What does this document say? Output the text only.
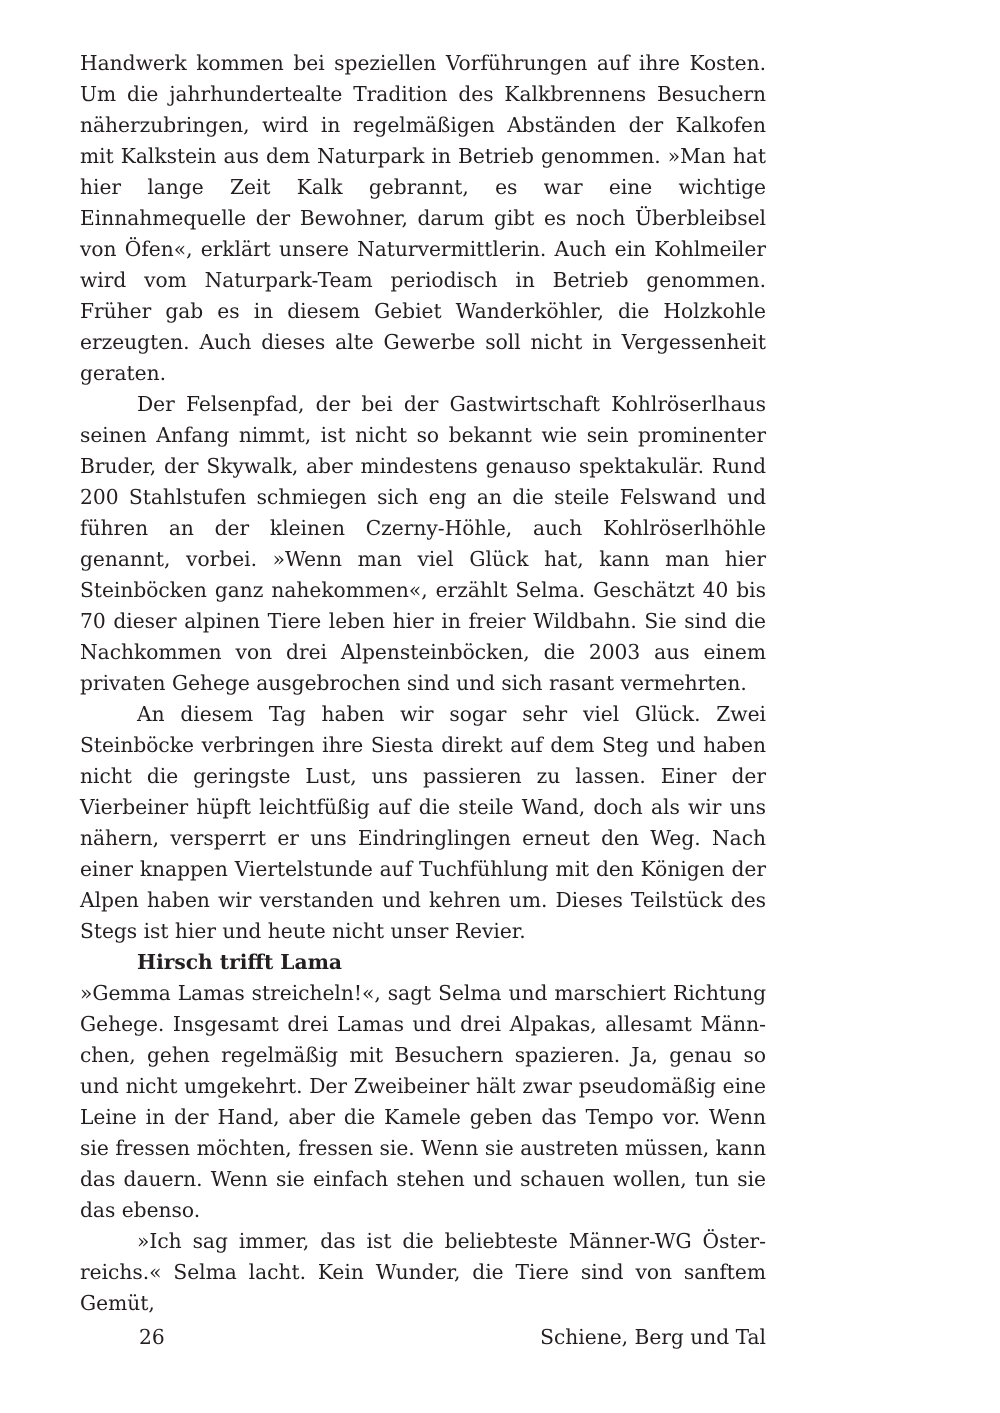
Handwerk kommen bei speziellen Vorführungen auf ihre Kosten. Um die jahrhundertealte Tradition des Kalkbrennens Besuchern näherzubringen, wird in regelmäßigen Abständen der Kalkofen mit Kalkstein aus dem Naturpark in Betrieb genommen. »Man hat hier lange Zeit Kalk gebrannt, es war eine wichtige Einnahmequelle der Bewohner, darum gibt es noch Überbleibsel von Öfen«, erklärt unsere Naturvermittlerin. Auch ein Kohlmeiler wird vom Naturpark-Team periodisch in Betrieb genommen. Früher gab es in diesem Gebiet Wanderköhler, die Holzkohle erzeugten. Auch dieses alte Gewerbe soll nicht in Vergessenheit geraten.

Der Felsenpfad, der bei der Gastwirtschaft Kohlröserlhaus seinen Anfang nimmt, ist nicht so bekannt wie sein prominenter Bruder, der Skywalk, aber mindestens genauso spektakulär. Rund 200 Stahlstufen schmiegen sich eng an die steile Felswand und führen an der kleinen Czerny-Höhle, auch Kohlröserlhöhle genannt, vorbei. »Wenn man viel Glück hat, kann man hier Steinböcken ganz nahekommen«, erzählt Selma. Geschätzt 40 bis 70 dieser alpinen Tiere leben hier in freier Wildbahn. Sie sind die Nachkommen von drei Alpensteinböcken, die 2003 aus einem privaten Gehege ausgebrochen sind und sich rasant vermehrten.

An diesem Tag haben wir sogar sehr viel Glück. Zwei Steinböcke verbringen ihre Siesta direkt auf dem Steg und haben nicht die geringste Lust, uns passieren zu lassen. Einer der Vierbeiner hüpft leichtfüßig auf die steile Wand, doch als wir uns nähern, versperrt er uns Eindringlingen erneut den Weg. Nach einer knappen Viertelstunde auf Tuchfühlung mit den Königen der Alpen haben wir verstanden und kehren um. Dieses Teilstück des Stegs ist hier und heute nicht unser Revier.

Hirsch trifft Lama

»Gemma Lamas streicheln!«, sagt Selma und marschiert Richtung Gehege. Insgesamt drei Lamas und drei Alpakas, allesamt Männchen, gehen regelmäßig mit Besuchern spazieren. Ja, genau so und nicht umgekehrt. Der Zweibeiner hält zwar pseudomäßig eine Leine in der Hand, aber die Kamele geben das Tempo vor. Wenn sie fressen möchten, fressen sie. Wenn sie austreten müssen, kann das dauern. Wenn sie einfach stehen und schauen wollen, tun sie das ebenso.

»Ich sag immer, das ist die beliebteste Männer-WG Österreichs.« Selma lacht. Kein Wunder, die Tiere sind von sanftem Gemüt,

26	Schiene, Berg und Tal
